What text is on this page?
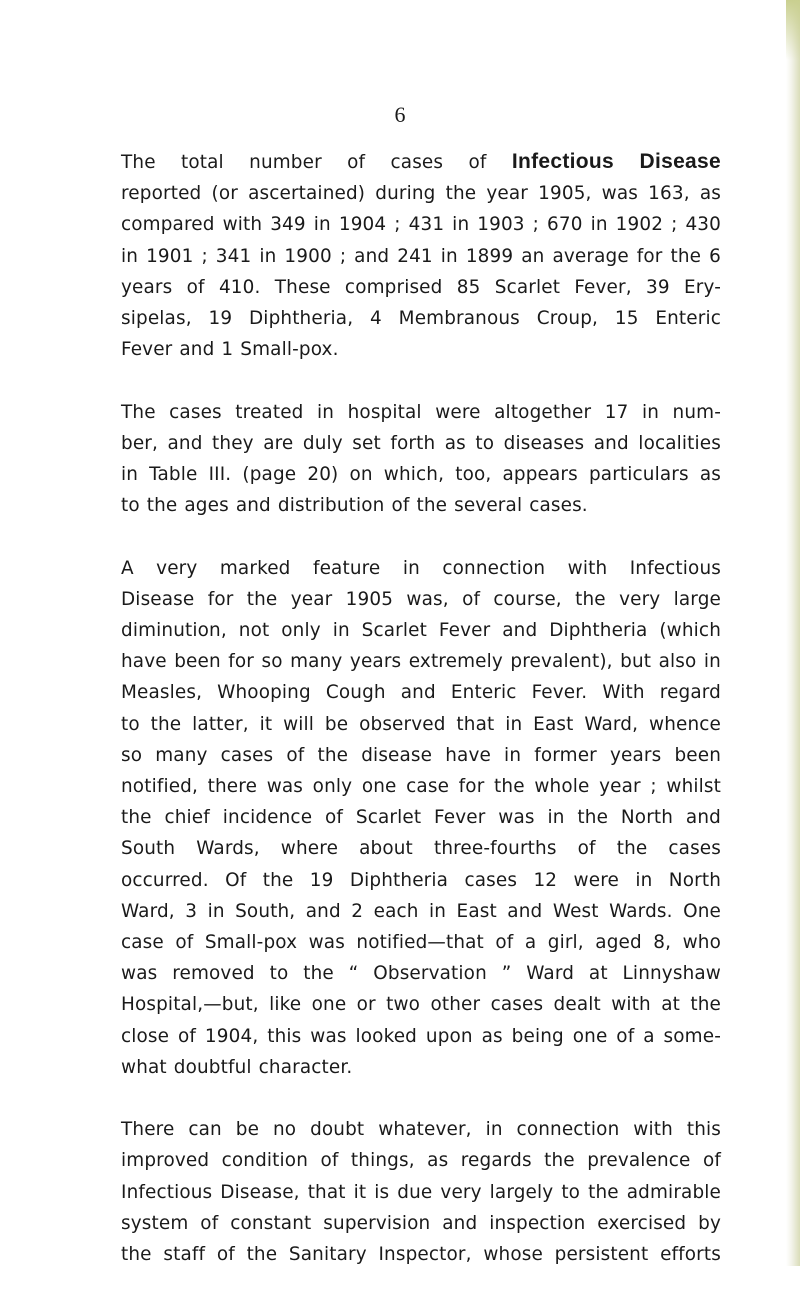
6
The total number of cases of Infectious Disease
reported (or ascertained) during the year 1905, was 163, as
compared with 349 in 1904 ; 431 in 1903 ; 670 in 1902 ; 430
in 1901 ; 341 in 1900 ; and 241 in 1899 an average for the 6
years of 410. These comprised 85 Scarlet Fever, 39 Ery-
sipelas, 19 Diphtheria, 4 Membranous Croup, 15 Enteric
Fever and 1 Small-pox.
The cases treated in hospital were altogether 17 in num-
ber, and they are duly set forth as to diseases and localities
in Table III. (page 20) on which, too, appears particulars as
to the ages and distribution of the several cases.
A very marked feature in connection with Infectious
Disease for the year 1905 was, of course, the very large
diminution, not only in Scarlet Fever and Diphtheria (which
have been for so many years extremely prevalent), but also in
Measles, Whooping Cough and Enteric Fever. With regard
to the latter, it will be observed that in East Ward, whence
so many cases of the disease have in former years been
notified, there was only one case for the whole year ; whilst
the chief incidence of Scarlet Fever was in the North and
South Wards, where about three-fourths of the cases
occurred. Of the 19 Diphtheria cases 12 were in North
Ward, 3 in South, and 2 each in East and West Wards. One
case of Small-pox was notified—that of a girl, aged 8, who
was removed to the “ Observation ” Ward at Linnyshaw
Hospital,—but, like one or two other cases dealt with at the
close of 1904, this was looked upon as being one of a some-
what doubtful character.
There can be no doubt whatever, in connection with this
improved condition of things, as regards the prevalence of
Infectious Disease, that it is due very largely to the admirable
system of constant supervision and inspection exercised by
the staff of the Sanitary Inspector, whose persistent efforts
